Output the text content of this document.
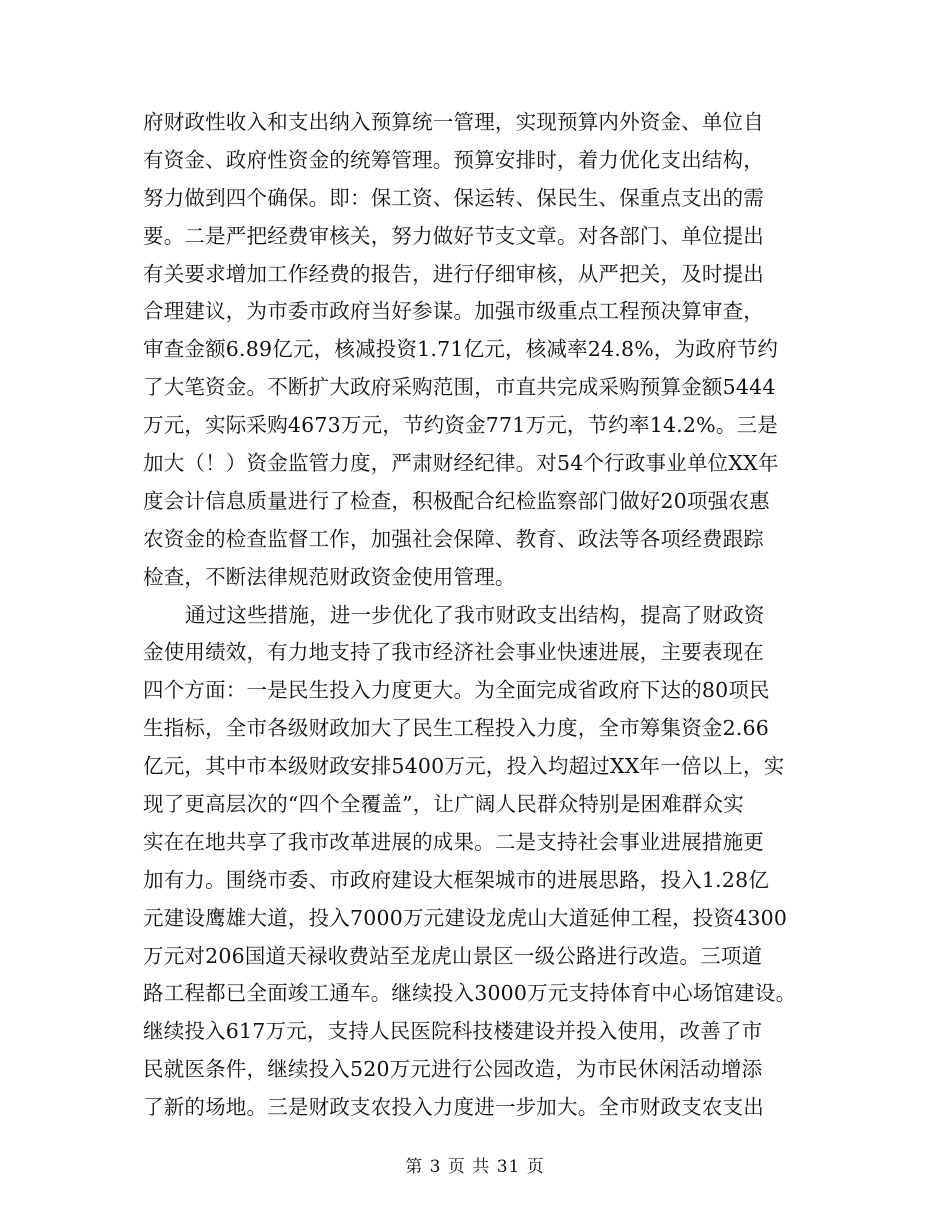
府财政性收入和支出纳入预算统一管理，实现预算内外资金、单位自
有资金、政府性资金的统筹管理。预算安排时，着力优化支出结构，
努力做到四个确保。即：保工资、保运转、保民生、保重点支出的需
要。二是严把经费审核关，努力做好节支文章。对各部门、单位提出
有关要求增加工作经费的报告，进行仔细审核，从严把关，及时提出
合理建议，为市委市政府当好参谋。加强市级重点工程预决算审查，
审查金额6.89亿元，核减投资1.71亿元，核减率24.8%，为政府节约
了大笔资金。不断扩大政府采购范围，市直共完成采购预算金额5444
万元，实际采购4673万元，节约资金771万元，节约率14.2%。三是
加大（！）资金监管力度，严肃财经纪律。对54个行政事业单位XX年
度会计信息质量进行了检查，积极配合纪检监察部门做好20项强农惠
农资金的检查监督工作，加强社会保障、教育、政法等各项经费跟踪
检查，不断法律规范财政资金使用管理。
通过这些措施，进一步优化了我市财政支出结构，提高了财政资
金使用绩效，有力地支持了我市经济社会事业快速进展，主要表现在
四个方面：一是民生投入力度更大。为全面完成省政府下达的80项民
生指标，全市各级财政加大了民生工程投入力度，全市筹集资金2.66
亿元，其中市本级财政安排5400万元，投入均超过XX年一倍以上，实
现了更高层次的“四个全覆盖”，让广阔人民群众特别是困难群众实
实在在地共享了我市改革进展的成果。二是支持社会事业进展措施更
加有力。围绕市委、市政府建设大框架城市的进展思路，投入1.28亿
元建设鹰雄大道，投入7000万元建设龙虎山大道延伸工程，投资4300
万元对206国道天禄收费站至龙虎山景区一级公路进行改造。三项道
路工程都已全面竣工通车。继续投入3000万元支持体育中心场馆建设。
继续投入617万元，支持人民医院科技楼建设并投入使用，改善了市
民就医条件，继续投入520万元进行公园改造，为市民休闲活动增添
了新的场地。三是财政支农投入力度进一步加大。全市财政支农支出
第 3 页 共 31 页
